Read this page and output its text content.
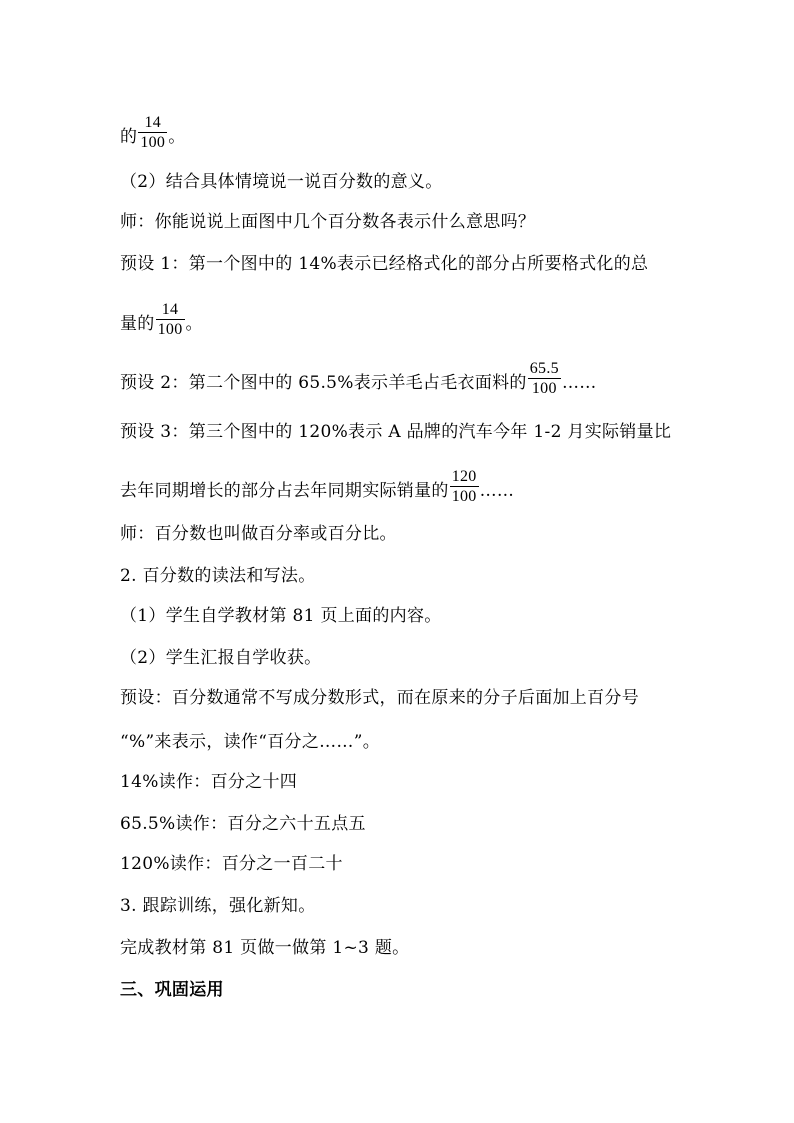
的 $\frac{14}{100}$ 。
（2）结合具体情境说一说百分数的意义。
师：你能说说上面图中几个百分数各表示什么意思吗？
预设 1：第一个图中的 14%表示已经格式化的部分占所要格式化的总
量的 $\frac{14}{100}$ 。
预设 2：第二个图中的 65.5%表示羊毛占毛衣面料的 $\frac{65.5}{100}$ ……
预设 3：第三个图中的 120%表示 A 品牌的汽车今年 1-2 月实际销量比
去年同期增长的部分占去年同期实际销量的 $\frac{120}{100}$ ……
师：百分数也叫做百分率或百分比。
2. 百分数的读法和写法。
（1）学生自学教材第 81 页上面的内容。
（2）学生汇报自学收获。
预设：百分数通常不写成分数形式，而在原来的分子后面加上百分号
“%”来表示，读作“百分之……”。
14%读作：百分之十四
65.5%读作：百分之六十五点五
120%读作：百分之一百二十
3. 跟踪训练，强化新知。
完成教材第 81 页做一做第 1~3 题。
三、巩固运用
